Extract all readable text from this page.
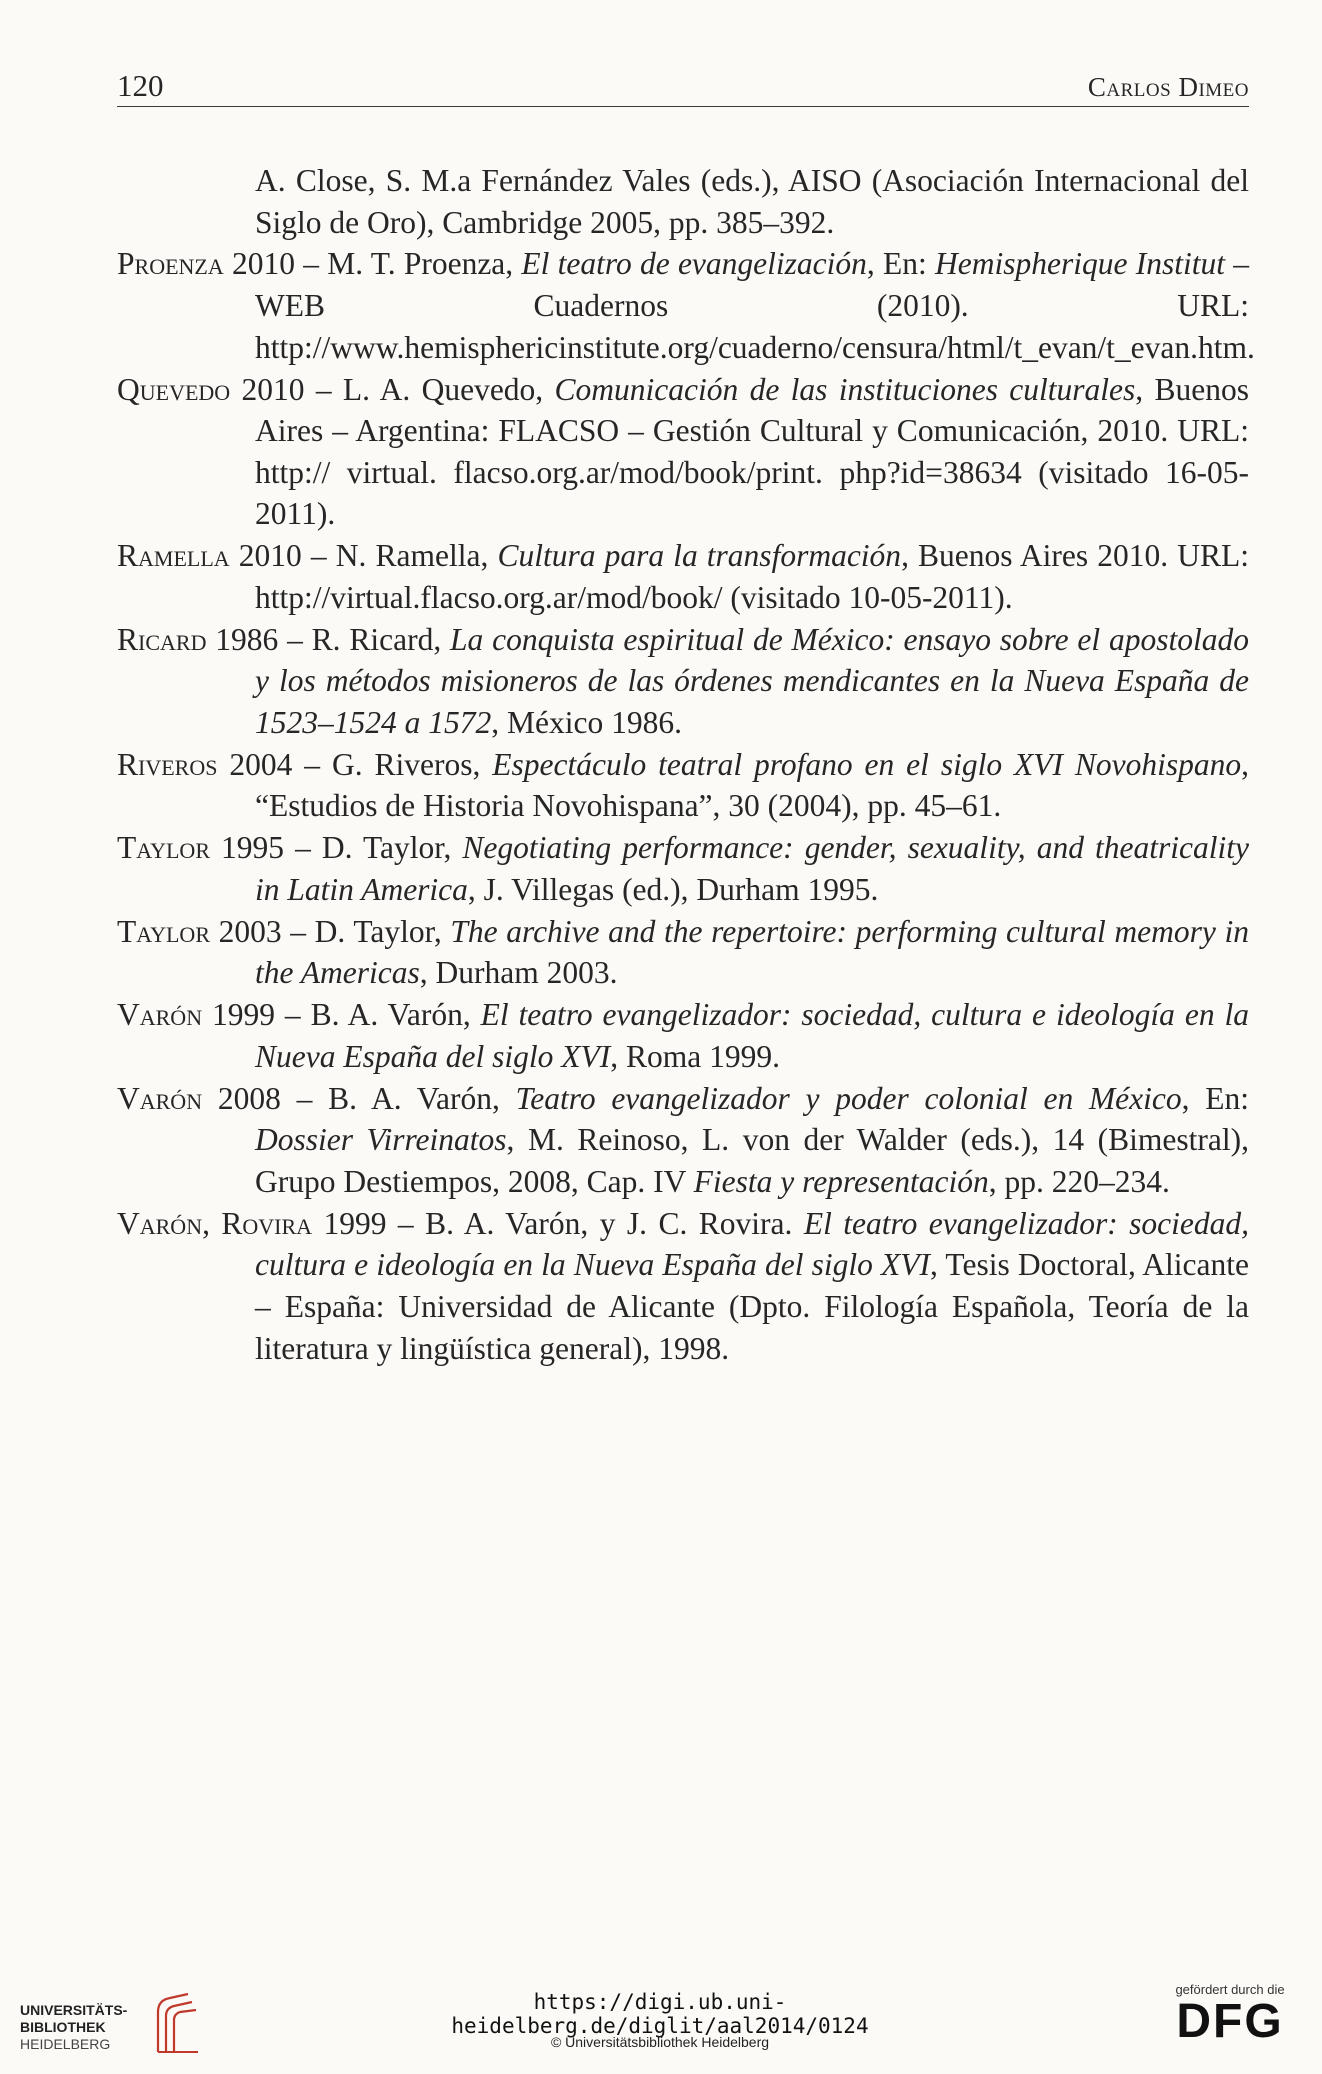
120	Carlos Dimeo

A. Close, S. M.a Fernández Vales (eds.), AISO (Asociación Internacional del Siglo de Oro), Cambridge 2005, pp. 385–392.

Proenza 2010 – M. T. Proenza, El teatro de evangelización, En: Hemispherique Institut – WEB Cuadernos (2010). URL: http://www.hemisphericinstitute.org/cuaderno/censura/html/t_evan/t_evan.htm.

Quevedo 2010 – L. A. Quevedo, Comunicación de las instituciones culturales, Buenos Aires – Argentina: FLACSO – Gestión Cultural y Comunicación, 2010. URL: http:// virtual. flacso.org.ar/mod/book/print. php?id=38634 (visitado 16-05-2011).

Ramella 2010 – N. Ramella, Cultura para la transformación, Buenos Aires 2010. URL: http://virtual.flacso.org.ar/mod/book/ (visitado 10-05-2011).

Ricard 1986 – R. Ricard, La conquista espiritual de México: ensayo sobre el apostolado y los métodos misioneros de las órdenes mendicantes en la Nueva España de 1523–1524 a 1572, México 1986.

Riveros 2004 – G. Riveros, Espectáculo teatral profano en el siglo XVI Novohispano, “Estudios de Historia Novohispana”, 30 (2004), pp. 45–61.

Taylor 1995 – D. Taylor, Negotiating performance: gender, sexuality, and theatricality in Latin America, J. Villegas (ed.), Durham 1995.

Taylor 2003 – D. Taylor, The archive and the repertoire: performing cultural memory in the Americas, Durham 2003.

Varón 1999 – B. A. Varón, El teatro evangelizador: sociedad, cultura e ideología en la Nueva España del siglo XVI, Roma 1999.

Varón 2008 – B. A. Varón, Teatro evangelizador y poder colonial en México, En: Dossier Virreinatos, M. Reinoso, L. von der Walder (eds.), 14 (Bimestral), Grupo Destiempos, 2008, Cap. IV Fiesta y representación, pp. 220–234.

Varón, Rovira 1999 – B. A. Varón, y J. C. Rovira. El teatro evangelizador: sociedad, cultura e ideología en la Nueva España del siglo XVI, Tesis Doctoral, Alicante – España: Universidad de Alicante (Dpto. Filología Española, Teoría de la literatura y lingüística general), 1998.

UNIVERSITÄTS-
BIBLIOTHEK
HEIDELBERG
https://digi.ub.uni-heidelberg.de/diglit/aal2014/0124
© Universitätsbibliothek Heidelberg
gefördert durch die
DFG
